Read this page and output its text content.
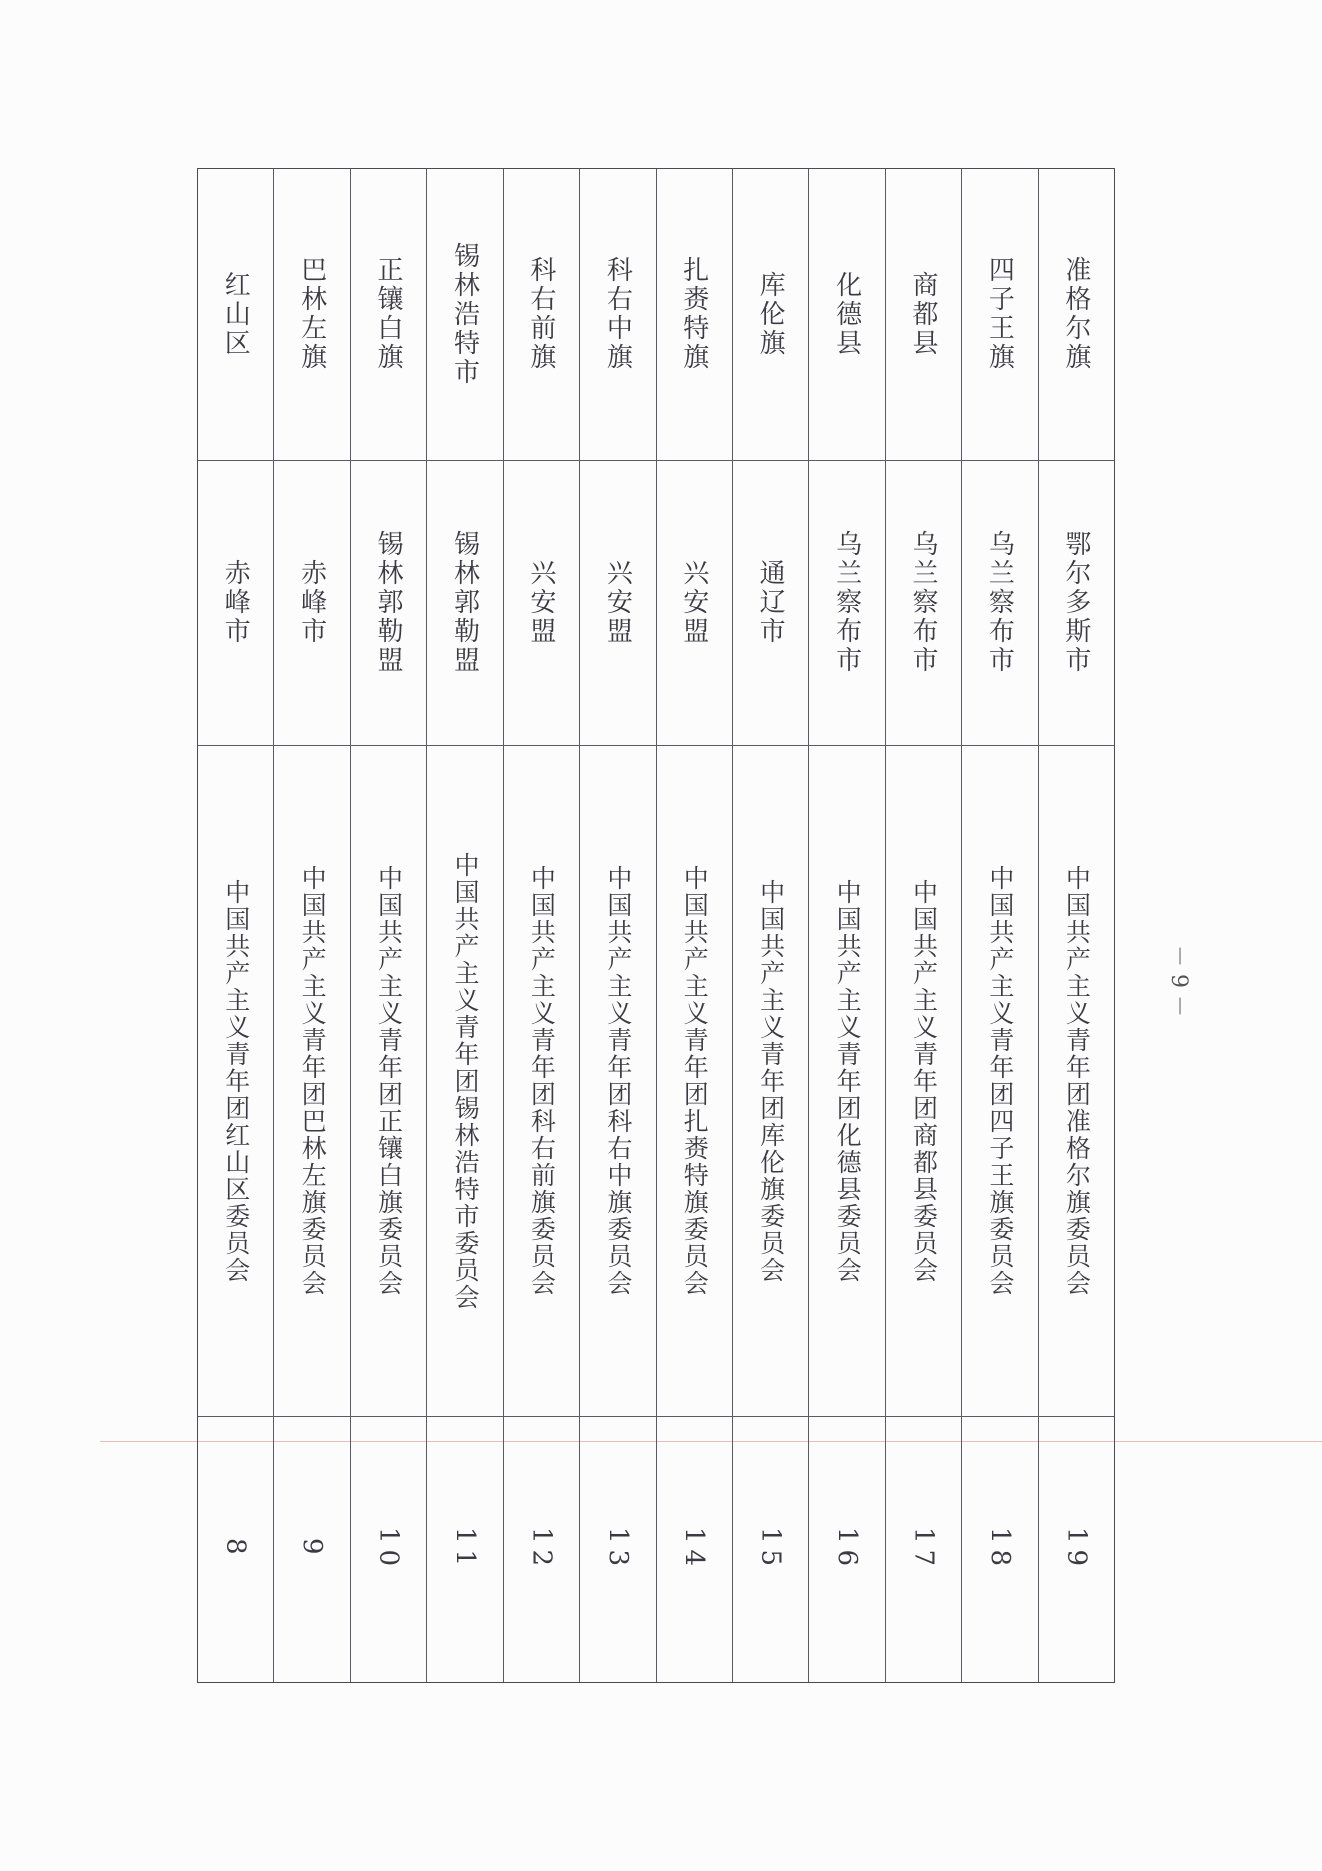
红山区
赤峰市
中国共产主义青年团红山区委员会
8
巴林左旗
赤峰市
中国共产主义青年团巴林左旗委员会
9
正镶白旗
锡林郭勒盟
中国共产主义青年团正镶白旗委员会
10
锡林浩特市
锡林郭勒盟
中国共产主义青年团锡林浩特市委员会
11
科右前旗
兴安盟
中国共产主义青年团科右前旗委员会
12
科右中旗
兴安盟
中国共产主义青年团科右中旗委员会
13
扎赉特旗
兴安盟
中国共产主义青年团扎赉特旗委员会
14
库伦旗
通辽市
中国共产主义青年团库伦旗委员会
15
化德县
乌兰察布市
中国共产主义青年团化德县委员会
16
商都县
乌兰察布市
中国共产主义青年团商都县委员会
17
四子王旗
乌兰察布市
中国共产主义青年团四子王旗委员会
18
准格尔旗
鄂尔多斯市
中国共产主义青年团准格尔旗委员会
19
－ 9 －
